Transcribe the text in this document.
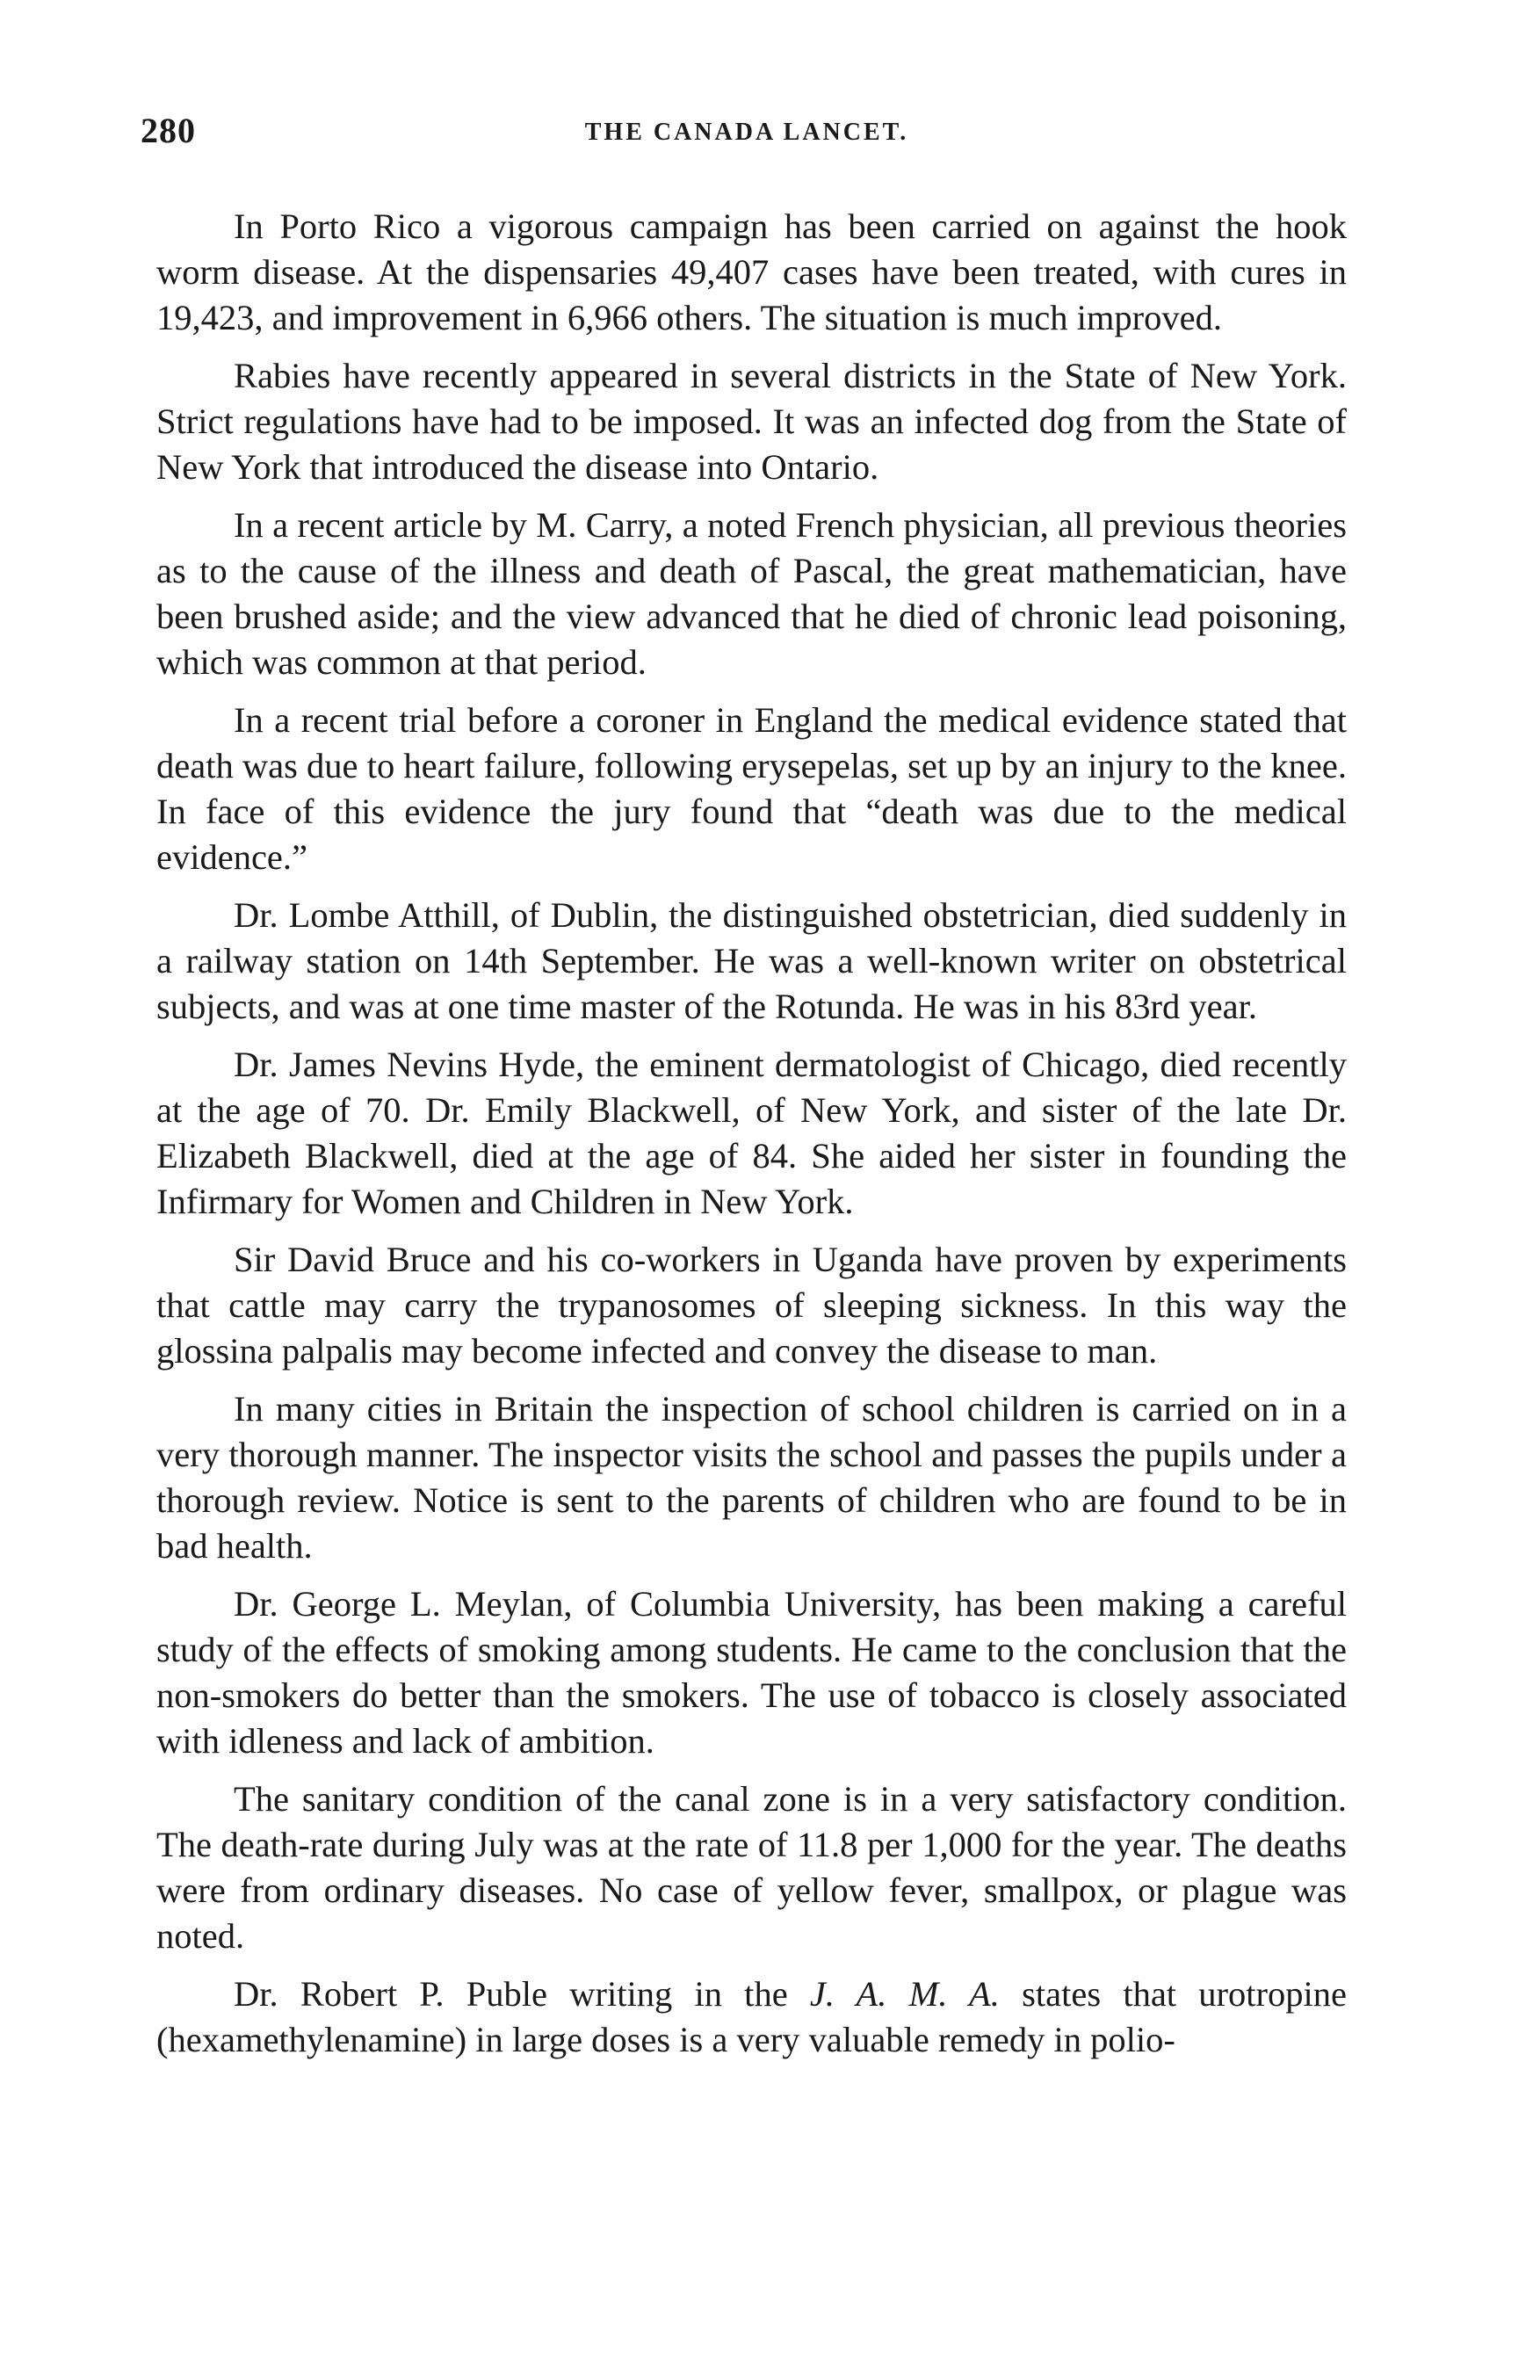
280	THE CANADA LANCET.

In Porto Rico a vigorous campaign has been carried on against the hook worm disease. At the dispensaries 49,407 cases have been treated, with cures in 19,423, and improvement in 6,966 others. The situation is much improved.

Rabies have recently appeared in several districts in the State of New York. Strict regulations have had to be imposed. It was an infected dog from the State of New York that introduced the disease into Ontario.

In a recent article by M. Carry, a noted French physician, all previous theories as to the cause of the illness and death of Pascal, the great mathematician, have been brushed aside; and the view advanced that he died of chronic lead poisoning, which was common at that period.

In a recent trial before a coroner in England the medical evidence stated that death was due to heart failure, following erysepelas, set up by an injury to the knee. In face of this evidence the jury found that “death was due to the medical evidence.”

Dr. Lombe Atthill, of Dublin, the distinguished obstetrician, died suddenly in a railway station on 14th September. He was a well-known writer on obstetrical subjects, and was at one time master of the Rotunda. He was in his 83rd year.

Dr. James Nevins Hyde, the eminent dermatologist of Chicago, died recently at the age of 70. Dr. Emily Blackwell, of New York, and sister of the late Dr. Elizabeth Blackwell, died at the age of 84. She aided her sister in founding the Infirmary for Women and Children in New York.

Sir David Bruce and his co-workers in Uganda have proven by experiments that cattle may carry the trypanosomes of sleeping sickness. In this way the glossina palpalis may become infected and convey the disease to man.

In many cities in Britain the inspection of school children is carried on in a very thorough manner. The inspector visits the school and passes the pupils under a thorough review. Notice is sent to the parents of children who are found to be in bad health.

Dr. George L. Meylan, of Columbia University, has been making a careful study of the effects of smoking among students. He came to the conclusion that the non-smokers do better than the smokers. The use of tobacco is closely associated with idleness and lack of ambition.

The sanitary condition of the canal zone is in a very satisfactory condition. The death-rate during July was at the rate of 11.8 per 1,000 for the year. The deaths were from ordinary diseases. No case of yellow fever, smallpox, or plague was noted.

Dr. Robert P. Puble writing in the J. A. M. A. states that urotropine (hexamethylenamine) in large doses is a very valuable remedy in polio-
